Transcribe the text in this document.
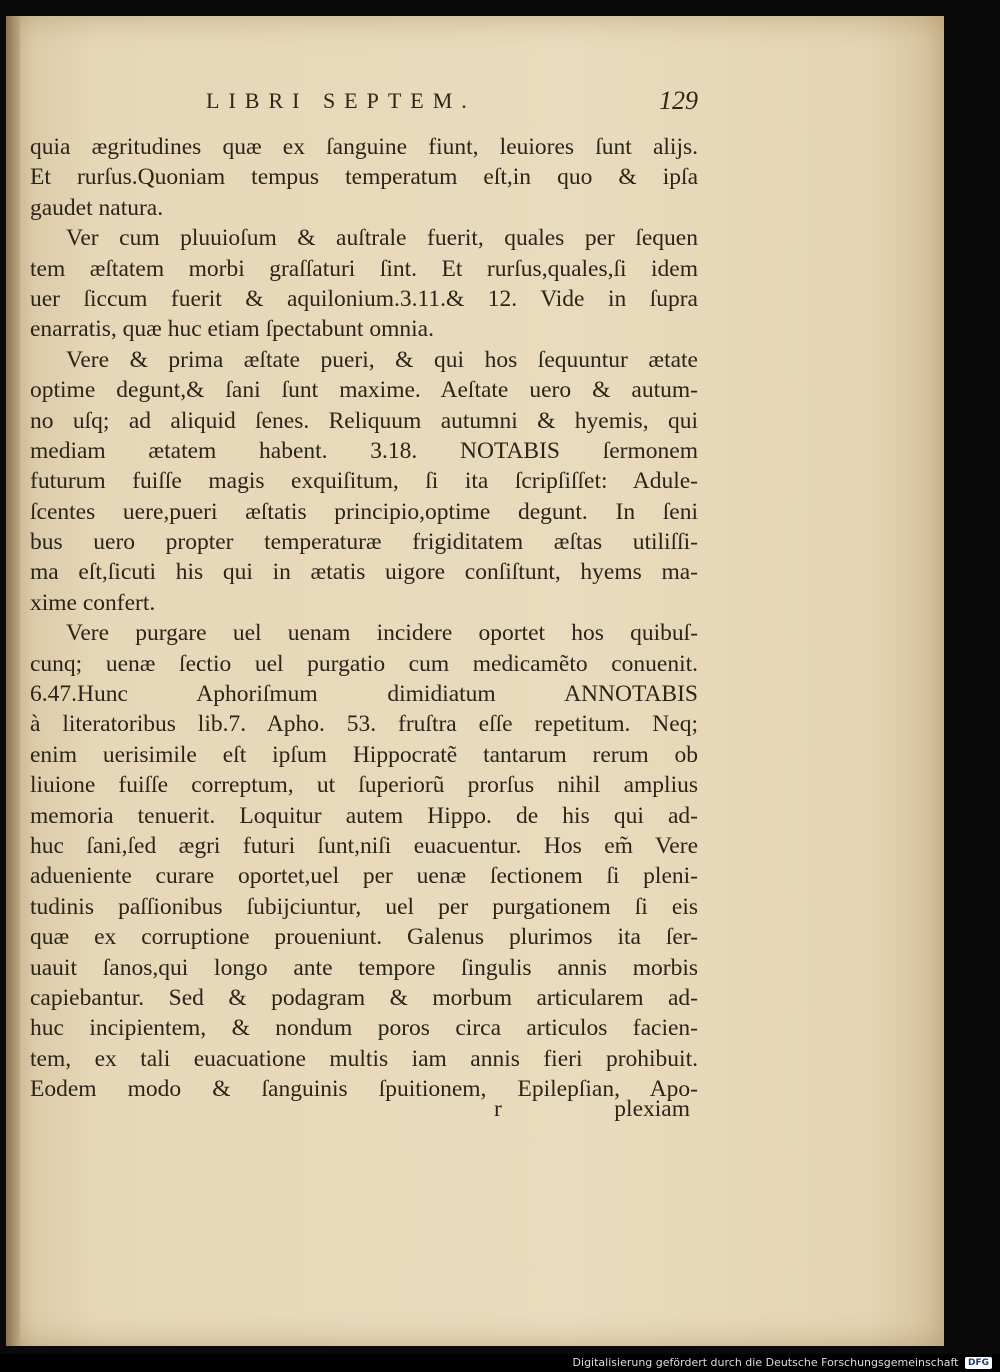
LIBRI SEPTEM.	129
quia ægritudines quæ ex ſanguine fiunt, leuiores ſunt alijs.
Et rurſus.Quoniam tempus temperatum eſt,in quo & ipſa
gaudet natura.
Ver cum pluuioſum & auſtrale fuerit, quales per ſequen
tem æſtatem morbi graſſaturi ſint. Et rurſus,quales,ſi idem
uer ſiccum fuerit & aquilonium.3.11.& 12. Vide in ſupra
enarratis, quæ huc etiam ſpectabunt omnia.
Vere & prima æſtate pueri, & qui hos ſequuntur ætate
optime degunt,& ſani ſunt maxime. Aeſtate uero & autum-
no uſq; ad aliquid ſenes. Reliquum autumni & hyemis, qui
mediam ætatem habent. 3.18. NOTABIS ſermonem
futurum fuiſſe magis exquiſitum, ſi ita ſcripſiſſet: Adule-
ſcentes uere,pueri æſtatis principio,optime degunt. In ſeni
bus uero propter temperaturæ frigiditatem æſtas utiliſſi-
ma eſt,ſicuti his qui in ætatis uigore conſiſtunt, hyems ma-
xime confert.
Vere purgare uel uenam incidere oportet hos quibuſ-
cunq; uenæ ſectio uel purgatio cum medicamẽto conuenit.
6.47.Hunc Aphoriſmum dimidiatum ANNOTABIS
à literatoribus lib.7. Apho. 53. fruſtra eſſe repetitum. Neq;
enim uerisimile eſt ipſum Hippocratẽ tantarum rerum ob
liuione fuiſſe correptum, ut ſuperiorũ prorſus nihil amplius
memoria tenuerit. Loquitur autem Hippo. de his qui ad-
huc ſani,ſed ægri futuri ſunt,niſi euacuentur. Hos em̃ Vere
adueniente curare oportet,uel per uenæ ſectionem ſi pleni-
tudinis paſſionibus ſubijciuntur, uel per purgationem ſi eis
quæ ex corruptione proueniunt. Galenus plurimos ita ſer-
uauit ſanos,qui longo ante tempore ſingulis annis morbis
capiebantur. Sed & podagram & morbum articularem ad-
huc incipientem, & nondum poros circa articulos facien-
tem, ex tali euacuatione multis iam annis fieri prohibuit.
Eodem modo & ſanguinis ſpuitionem, Epilepſian, Apo-
r	plexiam
Digitalisierung gefördert durch die Deutsche Forschungsgemeinschaft DFG
